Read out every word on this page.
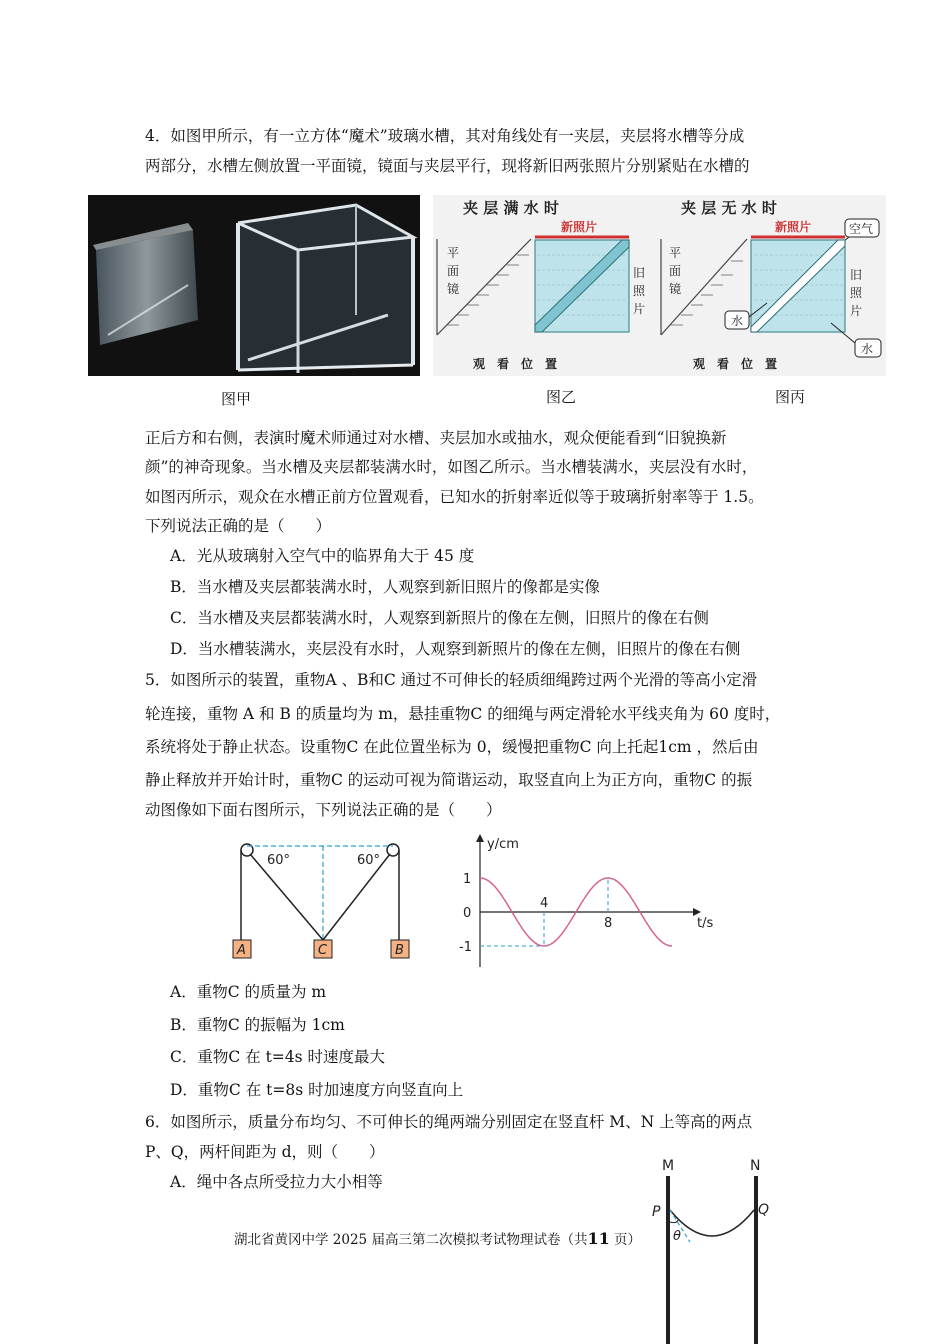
4．如图甲所示，有一立方体“魔术”玻璃水槽，其对角线处有一夹层，夹层将水槽等分成
两部分，水槽左侧放置一平面镜，镜面与夹层平行，现将新旧两张照片分别紧贴在水槽的
夹 层 满 水 时
新照片
平
面
镜
旧
照
片
观　看　位　置
夹 层 无 水 时
新照片	空气
平
面
镜
水
水
旧
照
片
观　看　位　置
图甲	图乙	图丙
正后方和右侧，表演时魔术师通过对水槽、夹层加水或抽水，观众便能看到“旧貌换新
颜”的神奇现象。当水槽及夹层都装满水时，如图乙所示。当水槽装满水，夹层没有水时，
如图丙所示，观众在水槽正前方位置观看，已知水的折射率近似等于玻璃折射率等于 1.5。
下列说法正确的是（　　）
A．光从玻璃射入空气中的临界角大于 45 度
B．当水槽及夹层都装满水时，人观察到新旧照片的像都是实像
C．当水槽及夹层都装满水时，人观察到新照片的像在左侧，旧照片的像在右侧
D．当水槽装满水，夹层没有水时，人观察到新照片的像在左侧，旧照片的像在右侧
5．如图所示的装置，重物A 、B和C 通过不可伸长的轻质细绳跨过两个光滑的等高小定滑
轮连接，重物 A 和 B 的质量均为 m，悬挂重物C 的细绳与两定滑轮水平线夹角为 60 度时，
系统将处于静止状态。设重物C 在此位置坐标为 0，缓慢把重物C 向上托起1cm ，然后由
静止释放并开始计时，重物C 的运动可视为简谐运动，取竖直向上为正方向，重物C 的振
动图像如下面右图所示，下列说法正确的是（　　）
60°	60°
A	C	B
y/cm
t/s
1
0
-1
4
8
A．重物C 的质量为 m
B．重物C 的振幅为 1cm
C．重物C 在 t=4s 时速度最大
D．重物C 在 t=8s 时加速度方向竖直向上
6．如图所示，质量分布均匀、不可伸长的绳两端分别固定在竖直杆 M、N 上等高的两点
P、Q，两杆间距为 d，则（　　）
A．绳中各点所受拉力大小相等
M	N
P	Q
θ
湖北省黄冈中学 2025 届高三第二次模拟考试物理试卷（共11 页）
